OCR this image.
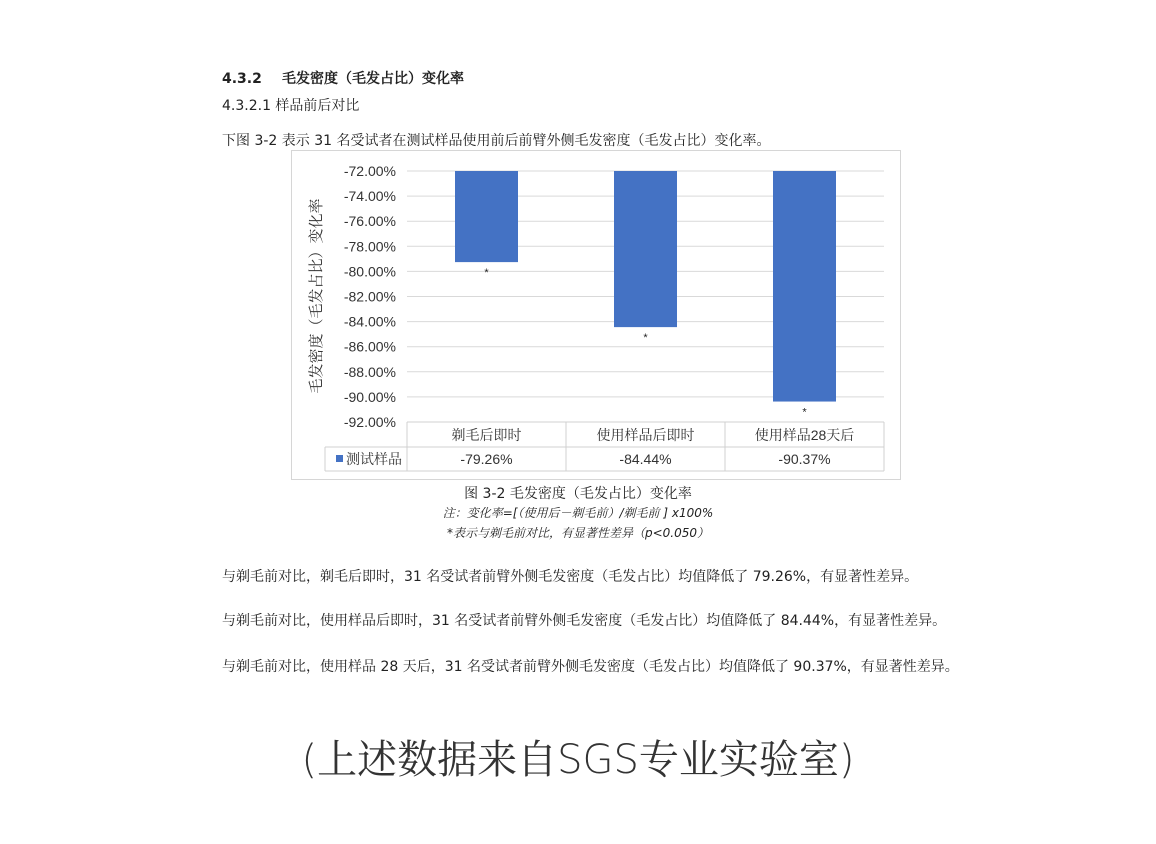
4.3.2 毛发密度（毛发占比）变化率
4.3.2.1 样品前后对比
下图 3-2 表示 31 名受试者在测试样品使用前后前臂外侧毛发密度（毛发占比）变化率。
-72.00%
-74.00%
-76.00%
-78.00%
-80.00%
-82.00%
-84.00%
-86.00%
-88.00%
-90.00%
-92.00%
毛发密度（毛发占比）变化率	*
剃毛后即时
-79.26%
*
使用样品后即时
-84.44%
*
使用样品28天后
-90.37%
测试样品
图 3-2 毛发密度（毛发占比）变化率
注：变化率=[（使用后－剃毛前）/剃毛前 ] x100%
*表示与剃毛前对比，有显著性差异（p<0.050）
与剃毛前对比，剃毛后即时，31 名受试者前臂外侧毛发密度（毛发占比）均值降低了 79.26%，有显著性差异。
与剃毛前对比，使用样品后即时，31 名受试者前臂外侧毛发密度（毛发占比）均值降低了 84.44%，有显著性差异。
与剃毛前对比，使用样品 28 天后，31 名受试者前臂外侧毛发密度（毛发占比）均值降低了 90.37%，有显著性差异。
(上述数据来自SGS专业实验室)
